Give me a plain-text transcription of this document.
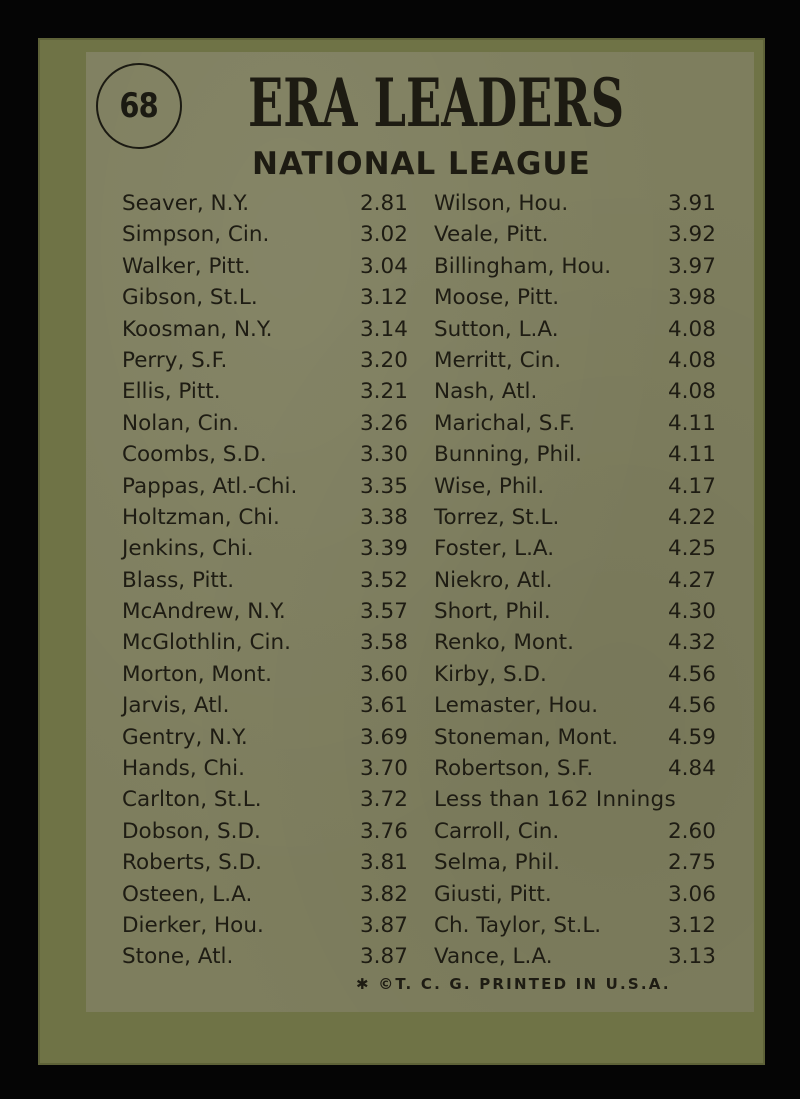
68 ERA LEADERS
NATIONAL LEAGUE
Seaver, N.Y.	2.81
Simpson, Cin.	3.02
Walker, Pitt.	3.04
Gibson, St.L.	3.12
Koosman, N.Y.	3.14
Perry, S.F.	3.20
Ellis, Pitt.	3.21
Nolan, Cin.	3.26
Coombs, S.D.	3.30
Pappas, Atl.-Chi.	3.35
Holtzman, Chi.	3.38
Jenkins, Chi.	3.39
Blass, Pitt.	3.52
McAndrew, N.Y.	3.57
McGlothlin, Cin.	3.58
Morton, Mont.	3.60
Jarvis, Atl.	3.61
Gentry, N.Y.	3.69
Hands, Chi.	3.70
Carlton, St.L.	3.72
Dobson, S.D.	3.76
Roberts, S.D.	3.81
Osteen, L.A.	3.82
Dierker, Hou.	3.87
Stone, Atl.	3.87
Wilson, Hou.	3.91
Veale, Pitt.	3.92
Billingham, Hou.	3.97
Moose, Pitt.	3.98
Sutton, L.A.	4.08
Merritt, Cin.	4.08
Nash, Atl.	4.08
Marichal, S.F.	4.11
Bunning, Phil.	4.11
Wise, Phil.	4.17
Torrez, St.L.	4.22
Foster, L.A.	4.25
Niekro, Atl.	4.27
Short, Phil.	4.30
Renko, Mont.	4.32
Kirby, S.D.	4.56
Lemaster, Hou.	4.56
Stoneman, Mont. 4.59
Robertson, S.F.	4.84
Less than 162 Innings
Carroll, Cin.	2.60
Selma, Phil.	2.75
Giusti, Pitt.	3.06
Ch. Taylor, St.L.	3.12
Vance, L.A.	3.13
✱ ©T. C. G. PRINTED IN U.S.A.
